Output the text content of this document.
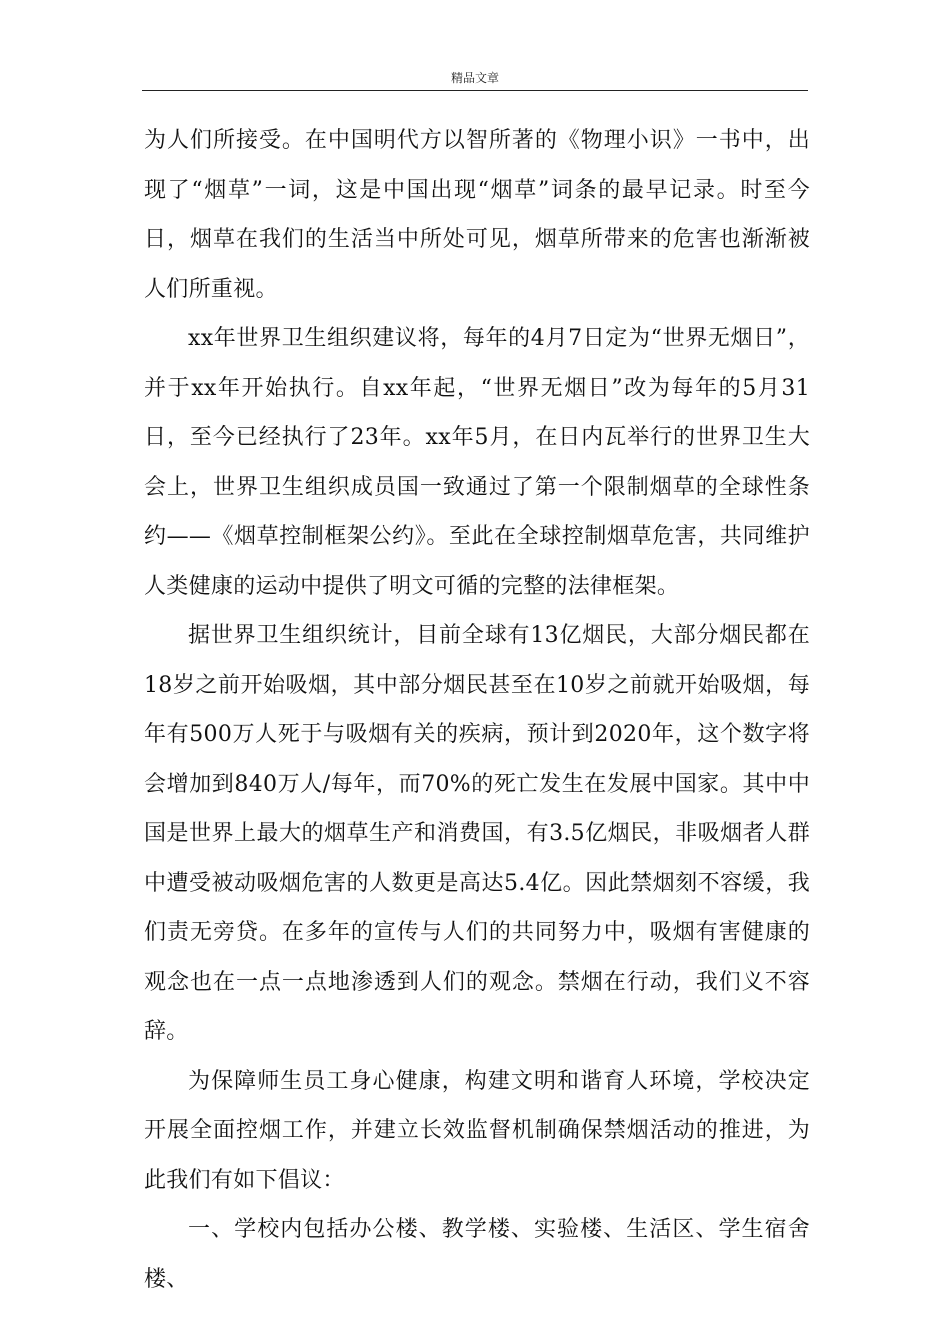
精品文章

为人们所接受。在中国明代方以智所著的《物理小识》一书中，出现了“烟草”一词，这是中国出现“烟草”词条的最早记录。时至今日，烟草在我们的生活当中所处可见，烟草所带来的危害也渐渐被人们所重视。

xx年世界卫生组织建议将，每年的4月7日定为“世界无烟日”，并于xx年开始执行。自xx年起，“世界无烟日”改为每年的5月31日，至今已经执行了23年。xx年5月，在日内瓦举行的世界卫生大会上，世界卫生组织成员国一致通过了第一个限制烟草的全球性条约——《烟草控制框架公约》。至此在全球控制烟草危害，共同维护人类健康的运动中提供了明文可循的完整的法律框架。

据世界卫生组织统计，目前全球有13亿烟民，大部分烟民都在18岁之前开始吸烟，其中部分烟民甚至在10岁之前就开始吸烟，每年有500万人死于与吸烟有关的疾病，预计到2020年，这个数字将会增加到840万人/每年，而70%的死亡发生在发展中国家。其中中国是世界上最大的烟草生产和消费国，有3.5亿烟民，非吸烟者人群中遭受被动吸烟危害的人数更是高达5.4亿。因此禁烟刻不容缓，我们责无旁贷。在多年的宣传与人们的共同努力中，吸烟有害健康的观念也在一点一点地渗透到人们的观念。禁烟在行动，我们义不容辞。

为保障师生员工身心健康，构建文明和谐育人环境，学校决定开展全面控烟工作，并建立长效监督机制确保禁烟活动的推进，为此我们有如下倡议：

一、学校内包括办公楼、教学楼、实验楼、生活区、学生宿舍楼、
